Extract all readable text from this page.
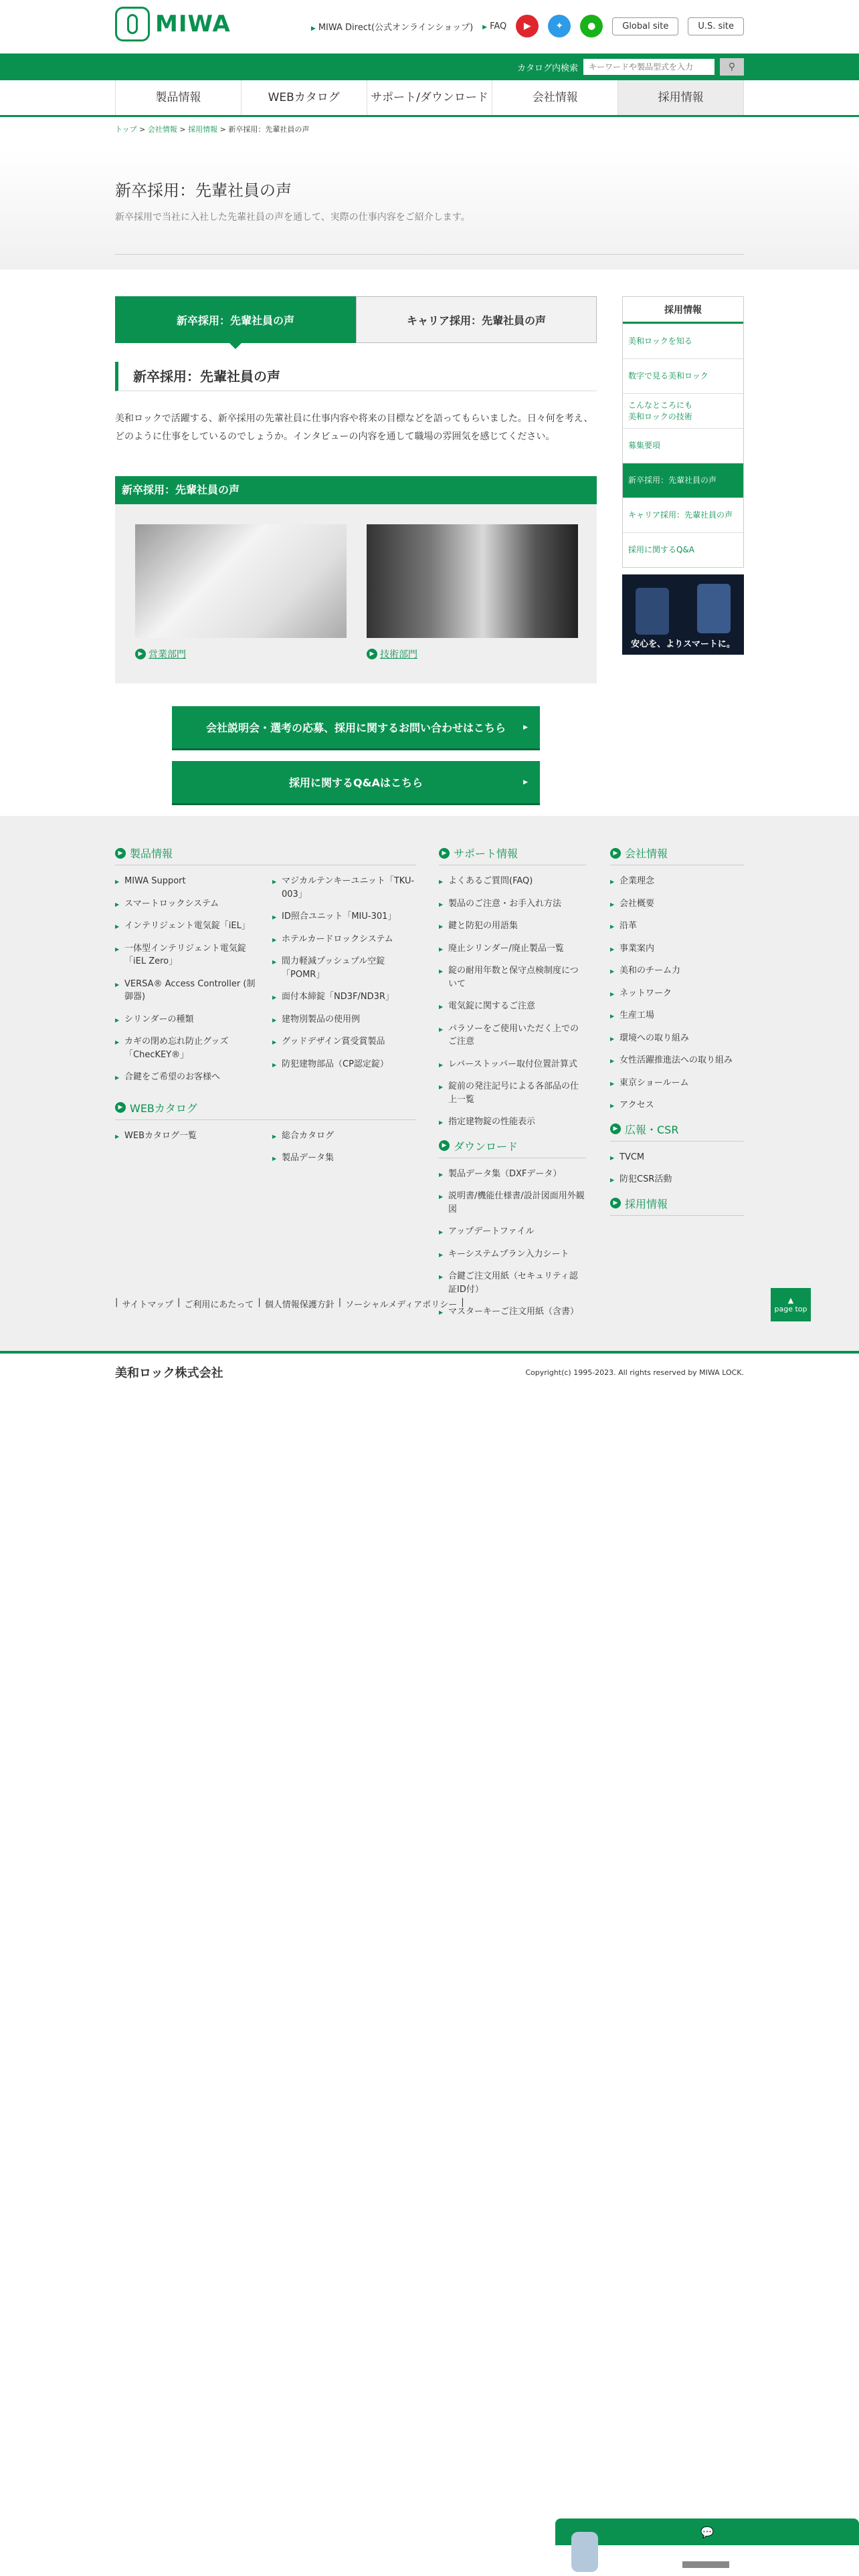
MIWA	▶ MIWA Direct(公式オンラインショップ)	▶ FAQ	▶	✦	●	Global site	U.S. site
カタログ内検索
キーワードや製品型式を入力	⚲
製品情報	WEBカタログ	サポート/ダウンロード	会社情報	採用情報
トップ > 会社情報 > 採用情報 > 新卒採用：先輩社員の声
新卒採用：先輩社員の声

新卒採用で当社に入社した先輩社員の声を通して、実際の仕事内容をご紹介します。

新卒採用：先輩社員の声	キャリア採用：先輩社員の声
新卒採用：先輩社員の声

美和ロックで活躍する、新卒採用の先輩社員に仕事内容や将来の目標などを語ってもらいました。日々何を考え、
どのように仕事をしているのでしょうか。インタビューの内容を通して職場の雰囲気を感じてください。

新卒採用：先輩社員の声
▶ 営業部門	▶ 技術部門
会社説明会・選考の応募、採用に関するお問い合わせはこちら ▶
採用に関するQ&Aはこちら ▶
採用情報
美和ロックを知る
数字で見る美和ロック
こんなところにも
美和ロックの技術
募集要項
新卒採用：先輩社員の声
キャリア採用：先輩社員の声
採用に関するQ&A
安心を、よりスマートに。
▶ 製品情報
▶ MIWA Support
▶ スマートロックシステム
▶ インテリジェント電気錠「iEL」
▶ 一体型インテリジェント電気錠「iEL Zero」
▶ VERSA® Access Controller (制御器)
▶ シリンダーの種類
▶ カギの閉め忘れ防止グッズ「ChecKEY®」
▶ 合鍵をご希望のお客様へ
▶ マジカルテンキーユニット「TKU-003」
▶ ID照合ユニット「MIU-301」
▶ ホテルカードロックシステム
▶ 間力軽減プッシュプル空錠「POMR」
▶ 面付本締錠「ND3F/ND3R」
▶ 建物別製品の使用例
▶ グッドデザイン賞受賞製品
▶ 防犯建物部品（CP認定錠）
▶ WEBカタログ
▶ WEBカタログ一覧	▶ 総合カタログ
▶ 製品データ集
▶ サポート情報
▶ よくあるご質問(FAQ)
▶ 製品のご注意・お手入れ方法
▶ 鍵と防犯の用語集
▶ 廃止シリンダー/廃止製品一覧
▶ 錠の耐用年数と保守点検制度について
▶ 電気錠に関するご注意
▶ パラソーをご使用いただく上でのご注意
▶ レバーストッパー取付位置計算式
▶ 錠前の発注記号による各部品の仕上一覧
▶ 指定建物錠の性能表示
▶ ダウンロード
▶ 製品データ集（DXFデータ）
▶ 説明書/機能仕様書/設計図面用外観図
▶ アップデートファイル
▶ キーシステムプラン入力シート
▶ 合鍵ご注文用紙（セキュリティ認証ID付）
▶ マスターキーご注文用紙（含書）
▶ 会社情報
▶ 企業理念
▶ 会社概要
▶ 沿革
▶ 事業案内
▶ 美和のチーム力
▶ ネットワーク
▶ 生産工場
▶ 環境への取り組み
▶ 女性活躍推進法への取り組み
▶ 東京ショールーム
▶ アクセス
▶ 広報・CSR
▶ TVCM
▶ 防犯CSR活動
▶ 採用情報
| サイトマップ | ご利用にあたって | 個人情報保護方針 | ソーシャルメディアポリシー |	▲
page top
美和ロック株式会社	Copyright(c) 1995-2023. All rights reserved by MIWA LOCK.
💬
